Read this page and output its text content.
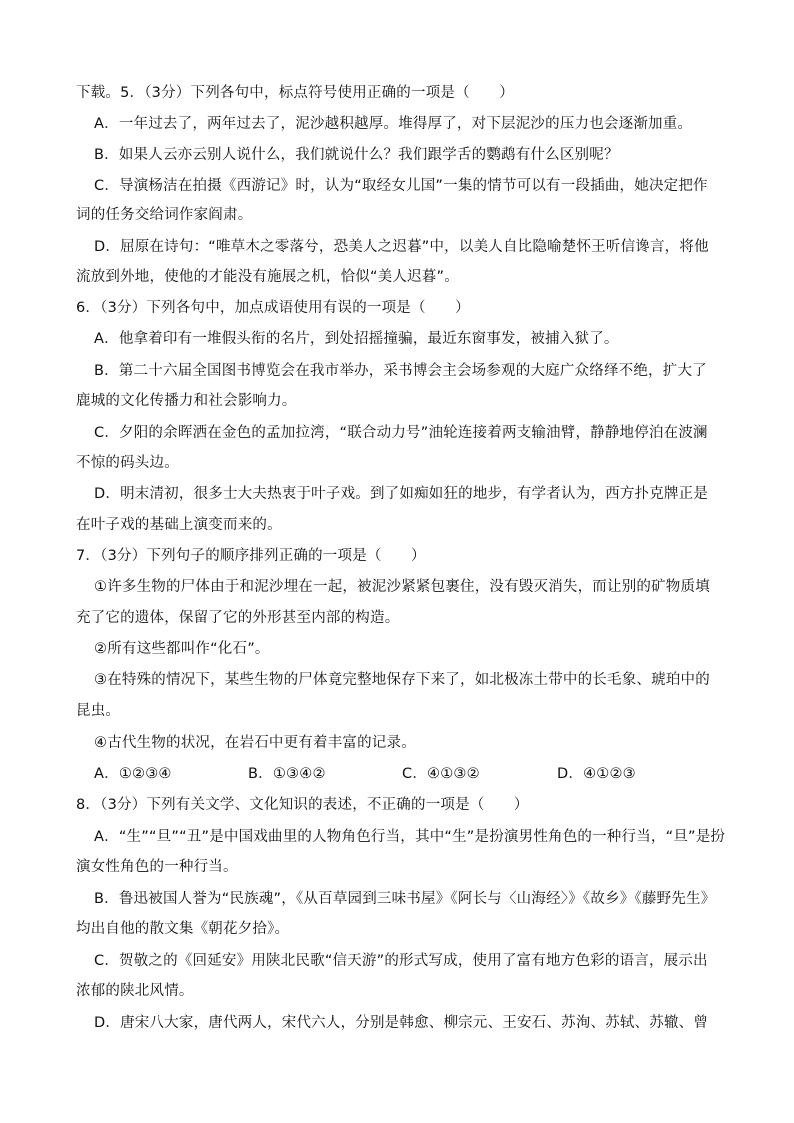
下载。5．（3分）下列各句中，标点符号使用正确的一项是（　　）
A．一年过去了，两年过去了，泥沙越积越厚。堆得厚了，对下层泥沙的压力也会逐渐加重。
B．如果人云亦云别人说什么，我们就说什么？我们跟学舌的鹦鹉有什么区别呢？
C．导演杨洁在拍摄《西游记》时，认为“取经女儿国”一集的情节可以有一段插曲，她决定把作
词的任务交给词作家阎肃。
D．屈原在诗句：“唯草木之零落兮，恐美人之迟暮”中，以美人自比隐喻楚怀王听信谗言，将他
流放到外地，使他的才能没有施展之机，恰似“美人迟暮”。
6．（3分）下列各句中，加点成语使用有误的一项是（　　）
A．他拿着印有一堆假头衔的名片，到处招摇撞骗，最近东窗事发，被捕入狱了。
B．第二十六届全国图书博览会在我市举办，采书博会主会场参观的大庭广众络绎不绝，扩大了
鹿城的文化传播力和社会影响力。
C．夕阳的余晖洒在金色的孟加拉湾，“联合动力号”油轮连接着两支输油臂，静静地停泊在波澜
不惊的码头边。
D．明末清初，很多士大夫热衷于叶子戏。到了如痴如狂的地步，有学者认为，西方扑克牌正是
在叶子戏的基础上演变而来的。
7．（3分）下列句子的顺序排列正确的一项是（　　）
①许多生物的尸体由于和泥沙埋在一起，被泥沙紧紧包裹住，没有毁灭消失，而让别的矿物质填
充了它的遗体，保留了它的外形甚至内部的构造。
②所有这些都叫作“化石”。
③在特殊的情况下，某些生物的尸体竟完整地保存下来了，如北极冻土带中的长毛象、琥珀中的
昆虫。
④古代生物的状况，在岩石中更有着丰富的记录。
A．①②③④	B．①③④②	C．④①③②	D．④①②③
8．（3分）下列有关文学、文化知识的表述，不正确的一项是（　　）
A．“生”“旦”“丑”是中国戏曲里的人物角色行当，其中“生”是扮演男性角色的一种行当，“旦”是扮
演女性角色的一种行当。
B．鲁迅被国人誉为“民族魂”，《从百草园到三味书屋》《阿长与〈山海经〉》《故乡》《藤野先生》
均出自他的散文集《朝花夕拾》。
C．贺敬之的《回延安》用陕北民歌“信天游”的形式写成，使用了富有地方色彩的语言，展示出
浓郁的陕北风情。
D．唐宋八大家，唐代两人，宋代六人，分别是韩愈、柳宗元、王安石、苏洵、苏轼、苏辙、曾
